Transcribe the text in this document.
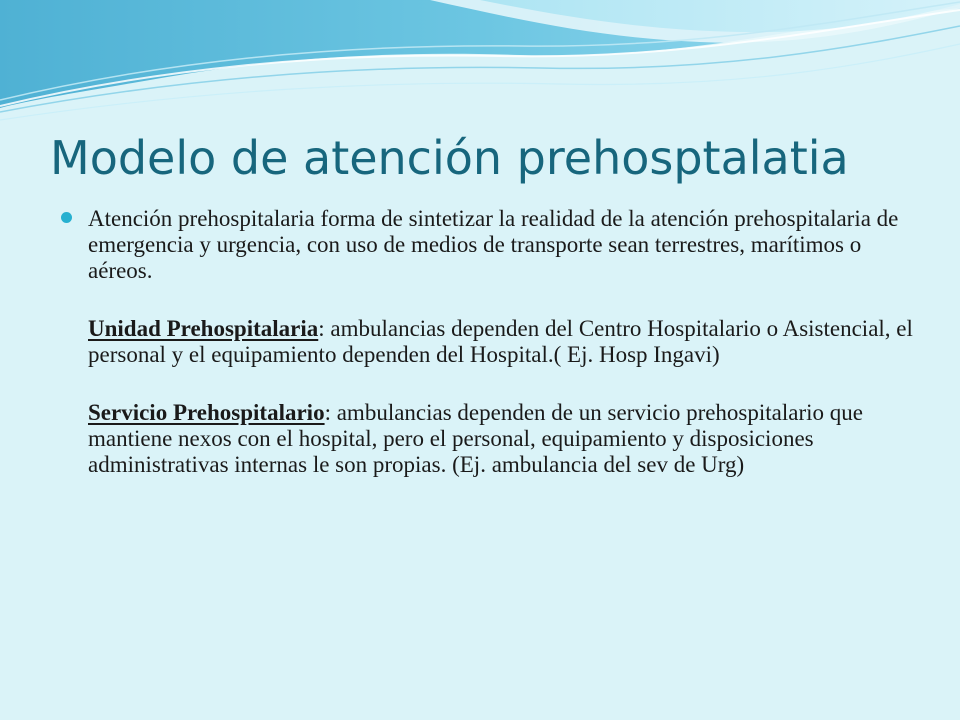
Modelo de atención prehosptalatia

Atención prehospitalaria forma de sintetizar la realidad de la atención prehospitalaria de emergencia y urgencia, con uso de medios de transporte sean terrestres, marítimos o aéreos.

Unidad Prehospitalaria: ambulancias dependen del Centro Hospitalario o Asistencial, el personal y el equipamiento dependen del Hospital.( Ej. Hosp Ingavi)

Servicio Prehospitalario: ambulancias dependen de un servicio prehospitalario que mantiene nexos con el hospital, pero el personal, equipamiento y disposiciones administrativas internas le son propias. (Ej. ambulancia del sev de Urg)
